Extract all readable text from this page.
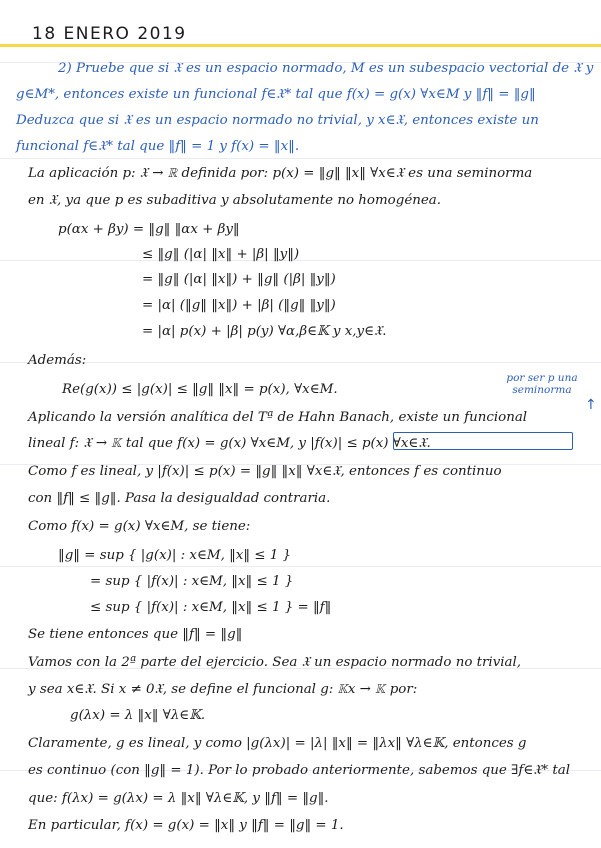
18 ENERO 2019
2) Pruebe que si 𝔛 es un espacio normado, M es un subespacio vectorial de 𝔛 y
g∈M*, entonces existe un funcional f∈𝔛* tal que f(x) = g(x) ∀x∈M y ‖f‖ = ‖g‖
Deduzca que si 𝔛 es un espacio normado no trivial, y x∈𝔛, entonces existe un
funcional f∈𝔛* tal que ‖f‖ = 1 y f(x) = ‖x‖.
La aplicación p: 𝔛 → ℝ definida por: p(x) = ‖g‖ ‖x‖ ∀x∈𝔛 es una seminorma
en 𝔛, ya que p es subaditiva y absolutamente no homogénea.
p(αx + βy) = ‖g‖ ‖αx + βy‖
≤ ‖g‖ (|α| ‖x‖ + |β| ‖y‖)
= ‖g‖ (|α| ‖x‖) + ‖g‖ (|β| ‖y‖)
= |α| (‖g‖ ‖x‖) + |β| (‖g‖ ‖y‖)
= |α| p(x) + |β| p(y) ∀α,β∈𝕂 y x,y∈𝔛.
Además:
Re(g(x)) ≤ |g(x)| ≤ ‖g‖ ‖x‖ = p(x), ∀x∈M.
Aplicando la versión analítica del Tª de Hahn Banach, existe un funcional
lineal f: 𝔛 → 𝕂 tal que f(x) = g(x) ∀x∈M, y |f(x)| ≤ p(x) ∀x∈𝔛.
Como f es lineal, y |f(x)| ≤ p(x) = ‖g‖ ‖x‖ ∀x∈𝔛, entonces f es continuo
con ‖f‖ ≤ ‖g‖. Pasa la desigualdad contraria.
Como f(x) = g(x) ∀x∈M, se tiene:
‖g‖ = sup { |g(x)| : x∈M, ‖x‖ ≤ 1 }
= sup { |f(x)| : x∈M, ‖x‖ ≤ 1 }
≤ sup { |f(x)| : x∈M, ‖x‖ ≤ 1 } = ‖f‖
Se tiene entonces que ‖f‖ = ‖g‖
Vamos con la 2ª parte del ejercicio. Sea 𝔛 un espacio normado no trivial,
y sea x∈𝔛. Si x ≠ 0𝔛, se define el funcional g: 𝕂x → 𝕂 por:
g(λx) = λ ‖x‖ ∀λ∈𝕂.
Claramente, g es lineal, y como |g(λx)| = |λ| ‖x‖ = ‖λx‖ ∀λ∈𝕂, entonces g
es continuo (con ‖g‖ = 1). Por lo probado anteriormente, sabemos que ∃f∈𝔛* tal
que: f(λx) = g(λx) = λ ‖x‖ ∀λ∈𝕂, y ‖f‖ = ‖g‖.
En particular, f(x) = g(x) = ‖x‖ y ‖f‖ = ‖g‖ = 1.
por ser p una seminorma
↑
